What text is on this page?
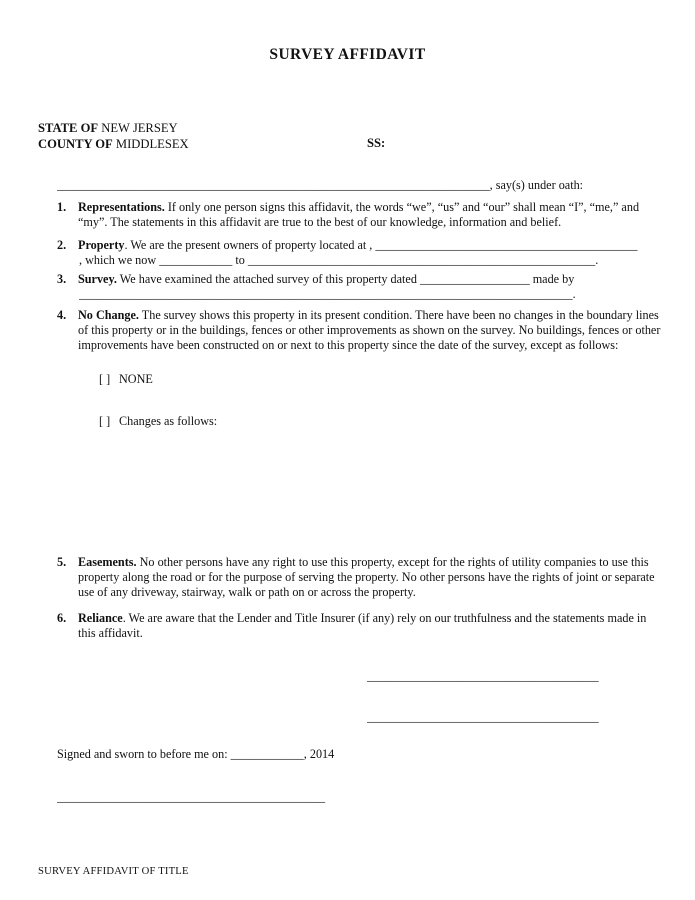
SURVEY AFFIDAVIT
STATE OF NEW JERSEY
COUNTY OF MIDDLESEX	SS:
_______________________________________________________________________, say(s) under oath:
1. Representations. If only one person signs this affidavit, the words “we”, “us” and “our” shall mean “I”, “me,” and “my”. The statements in this affidavit are true to the best of our knowledge, information and belief.
2. Property. We are the present owners of property located at , ___________________________________________
, which we now ____________ to _________________________________________________________.
3. Survey. We have examined the attached survey of this property dated __________________ made by
_________________________________________________________________________________.
4. No Change. The survey shows this property in its present condition. There have been no changes in the boundary lines of this property or in the buildings, fences or other improvements as shown on the survey. No buildings, fences or other improvements have been constructed on or next to this property since the date of the survey, except as follows:
[ ] NONE
[ ] Changes as follows:
5. Easements. No other persons have any right to use this property, except for the rights of utility companies to use this property along the road or for the purpose of serving the property. No other persons have the rights of joint or separate use of any driveway, stairway, walk or path on or across the property.
6. Reliance. We are aware that the Lender and Title Insurer (if any) rely on our truthfulness and the statements made in this affidavit.
______________________________________
______________________________________
Signed and sworn to before me on: ____________, 2014
____________________________________________
SURVEY AFFIDAVIT OF TITLE
